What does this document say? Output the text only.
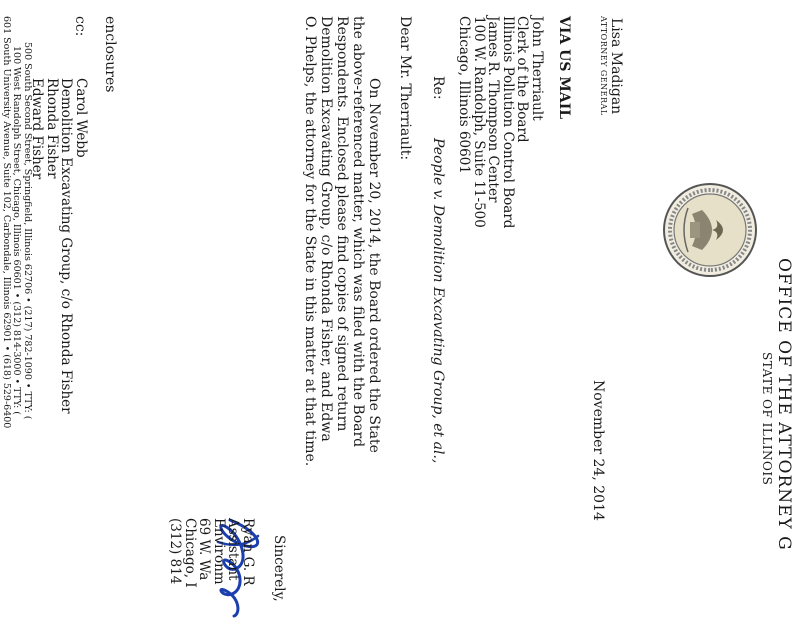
OFFICE OF THE ATTORNEY G
STATE OF ILLINOIS
Lisa Madigan
ATTORNEY GENERAL
November 24, 2014
VIA US MAIL
John Therriault
Clerk of the Board
Illinois Pollution Control Board
James R. Thompson Center
100 W. Randolph, Suite 11-500
Chicago, Illinois 60601
Re:
People v. Demolition Excavating Group, et al.,
Dear Mr. Therriault:
On November 20, 2014, the Board ordered the State
the above-referenced matter, which was filed with the Board
Respondents. Enclosed please find copies of signed return
Demolition Excavating Group, c/o Rhonda Fisher, and Edwa
O. Phelps, the attorney for the State in this matter at that time.
Sincerely,
Ryan G. R
Assistant
Environm
69 W. Wa
Chicago, I
(312) 814
enclosures
cc:
Carol Webb
Demolition Excavating Group, c/o Rhonda Fisher
Rhonda Fisher
Edward Fisher
500 South Second Street, Springfield, Illinois 62706 • (217) 782-1090 • TTY: (
100 West Randolph Street, Chicago, Illinois 60601 • (312) 814-3000 • TTY: (
601 South University Avenue, Suite 102, Carbondale, Illinois 62901 • (618) 529-6400
